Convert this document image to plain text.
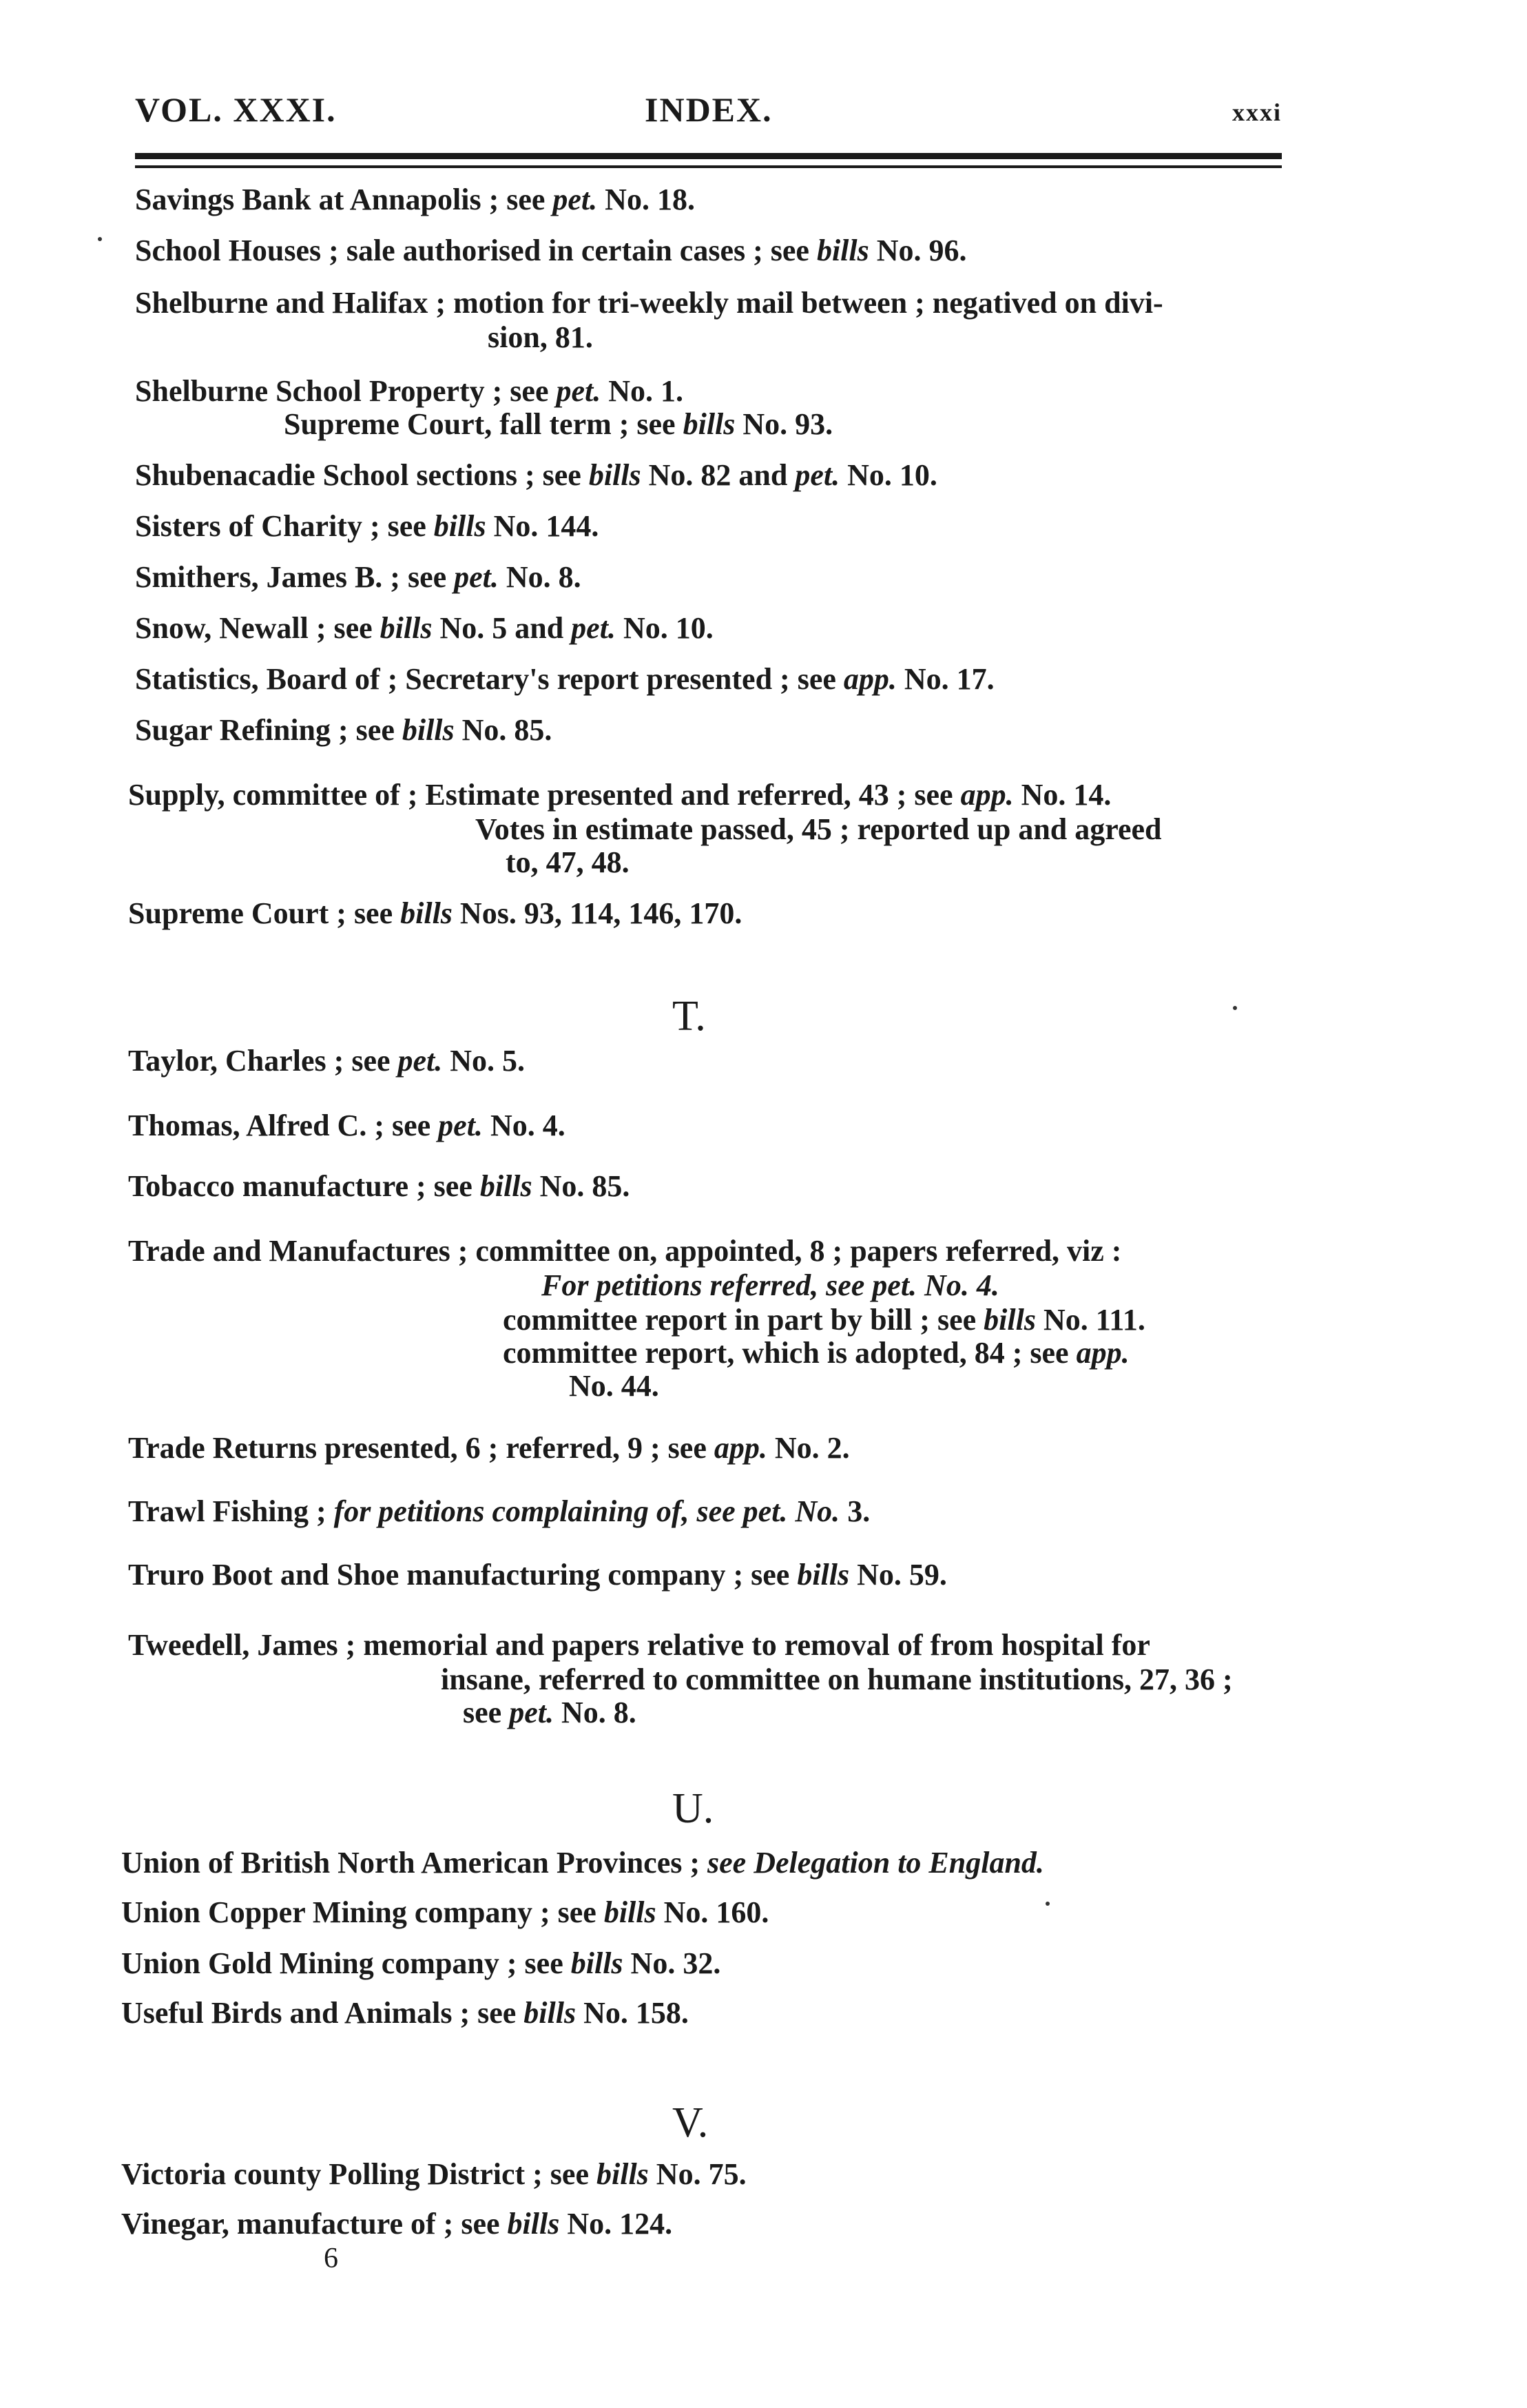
VOL. XXXI.	INDEX.	xxxi
Savings Bank at Annapolis ; see pet. No. 18.
School Houses ; sale authorised in certain cases ; see bills No. 96.
Shelburne and Halifax ; motion for tri-weekly mail between ; negatived on divi-
sion, 81.
Shelburne School Property ; see pet. No. 1.
Supreme Court, fall term ; see bills No. 93.
Shubenacadie School sections ; see bills No. 82 and pet. No. 10.
Sisters of Charity ; see bills No. 144.
Smithers, James B. ; see pet. No. 8.
Snow, Newall ; see bills No. 5 and pet. No. 10.
Statistics, Board of ; Secretary's report presented ; see app. No. 17.
Sugar Refining ; see bills No. 85.
Supply, committee of ; Estimate presented and referred, 43 ; see app. No. 14.
Votes in estimate passed, 45 ; reported up and agreed
to, 47, 48.
Supreme Court ; see bills Nos. 93, 114, 146, 170.
T.
Taylor, Charles ; see pet. No. 5.
Thomas, Alfred C. ; see pet. No. 4.
Tobacco manufacture ; see bills No. 85.
Trade and Manufactures ; committee on, appointed, 8 ; papers referred, viz :
For petitions referred, see pet. No. 4.
committee report in part by bill ; see bills No. 111.
committee report, which is adopted, 84 ; see app.
No. 44.
Trade Returns presented, 6 ; referred, 9 ; see app. No. 2.
Trawl Fishing ; for petitions complaining of, see pet. No. 3.
Truro Boot and Shoe manufacturing company ; see bills No. 59.
Tweedell, James ; memorial and papers relative to removal of from hospital for
insane, referred to committee on humane institutions, 27, 36 ;
see pet. No. 8.
U.
Union of British North American Provinces ; see Delegation to England.
Union Copper Mining company ; see bills No. 160.
Union Gold Mining company ; see bills No. 32.
Useful Birds and Animals ; see bills No. 158.
V.
Victoria county Polling District ; see bills No. 75.
Vinegar, manufacture of ; see bills No. 124.
6
